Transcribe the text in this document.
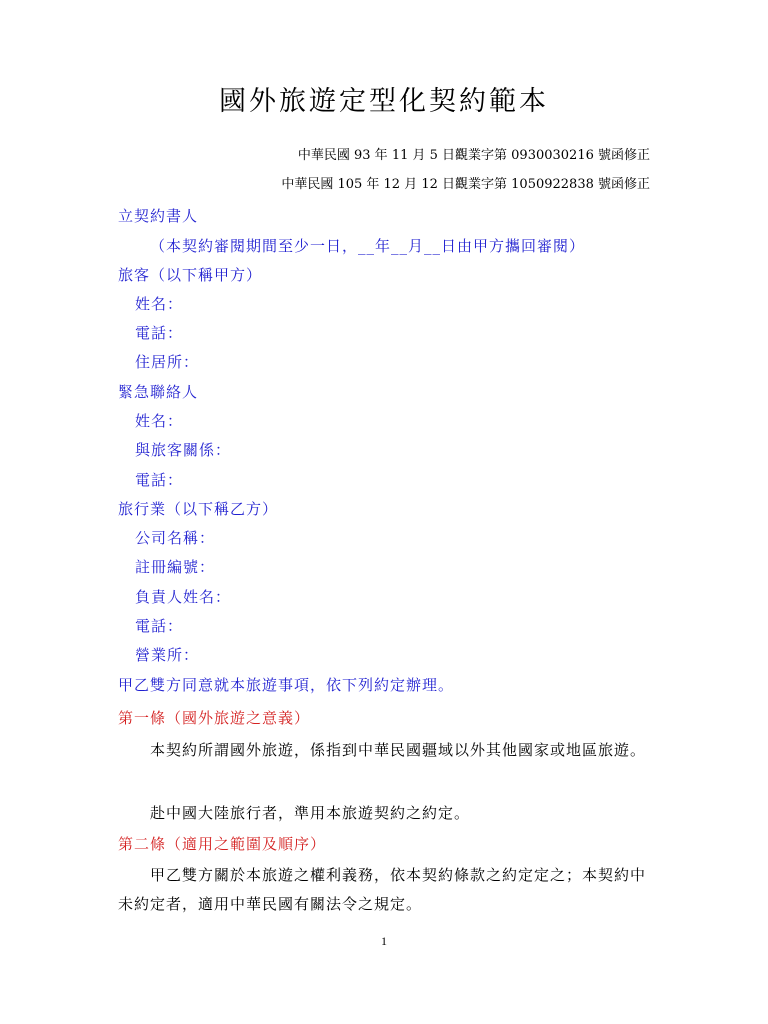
國外旅遊定型化契約範本
中華民國 93 年 11 月 5 日觀業字第 0930030216 號函修正
中華民國 105 年 12 月 12 日觀業字第 1050922838 號函修正
立契約書人
（本契約審閱期間至少一日，__年__月__日由甲方攜回審閱）
旅客（以下稱甲方）
姓名：
電話：
住居所：
緊急聯絡人
姓名：
與旅客關係：
電話：
旅行業（以下稱乙方）
公司名稱：
註冊編號：
負責人姓名：
電話：
營業所：
甲乙雙方同意就本旅遊事項，依下列約定辦理。
第一條（國外旅遊之意義）
本契約所謂國外旅遊，係指到中華民國疆域以外其他國家或地區旅遊。
赴中國大陸旅行者，準用本旅遊契約之約定。
第二條（適用之範圍及順序）
甲乙雙方關於本旅遊之權利義務，依本契約條款之約定定之；本契約中未約定者，適用中華民國有關法令之規定。
1
